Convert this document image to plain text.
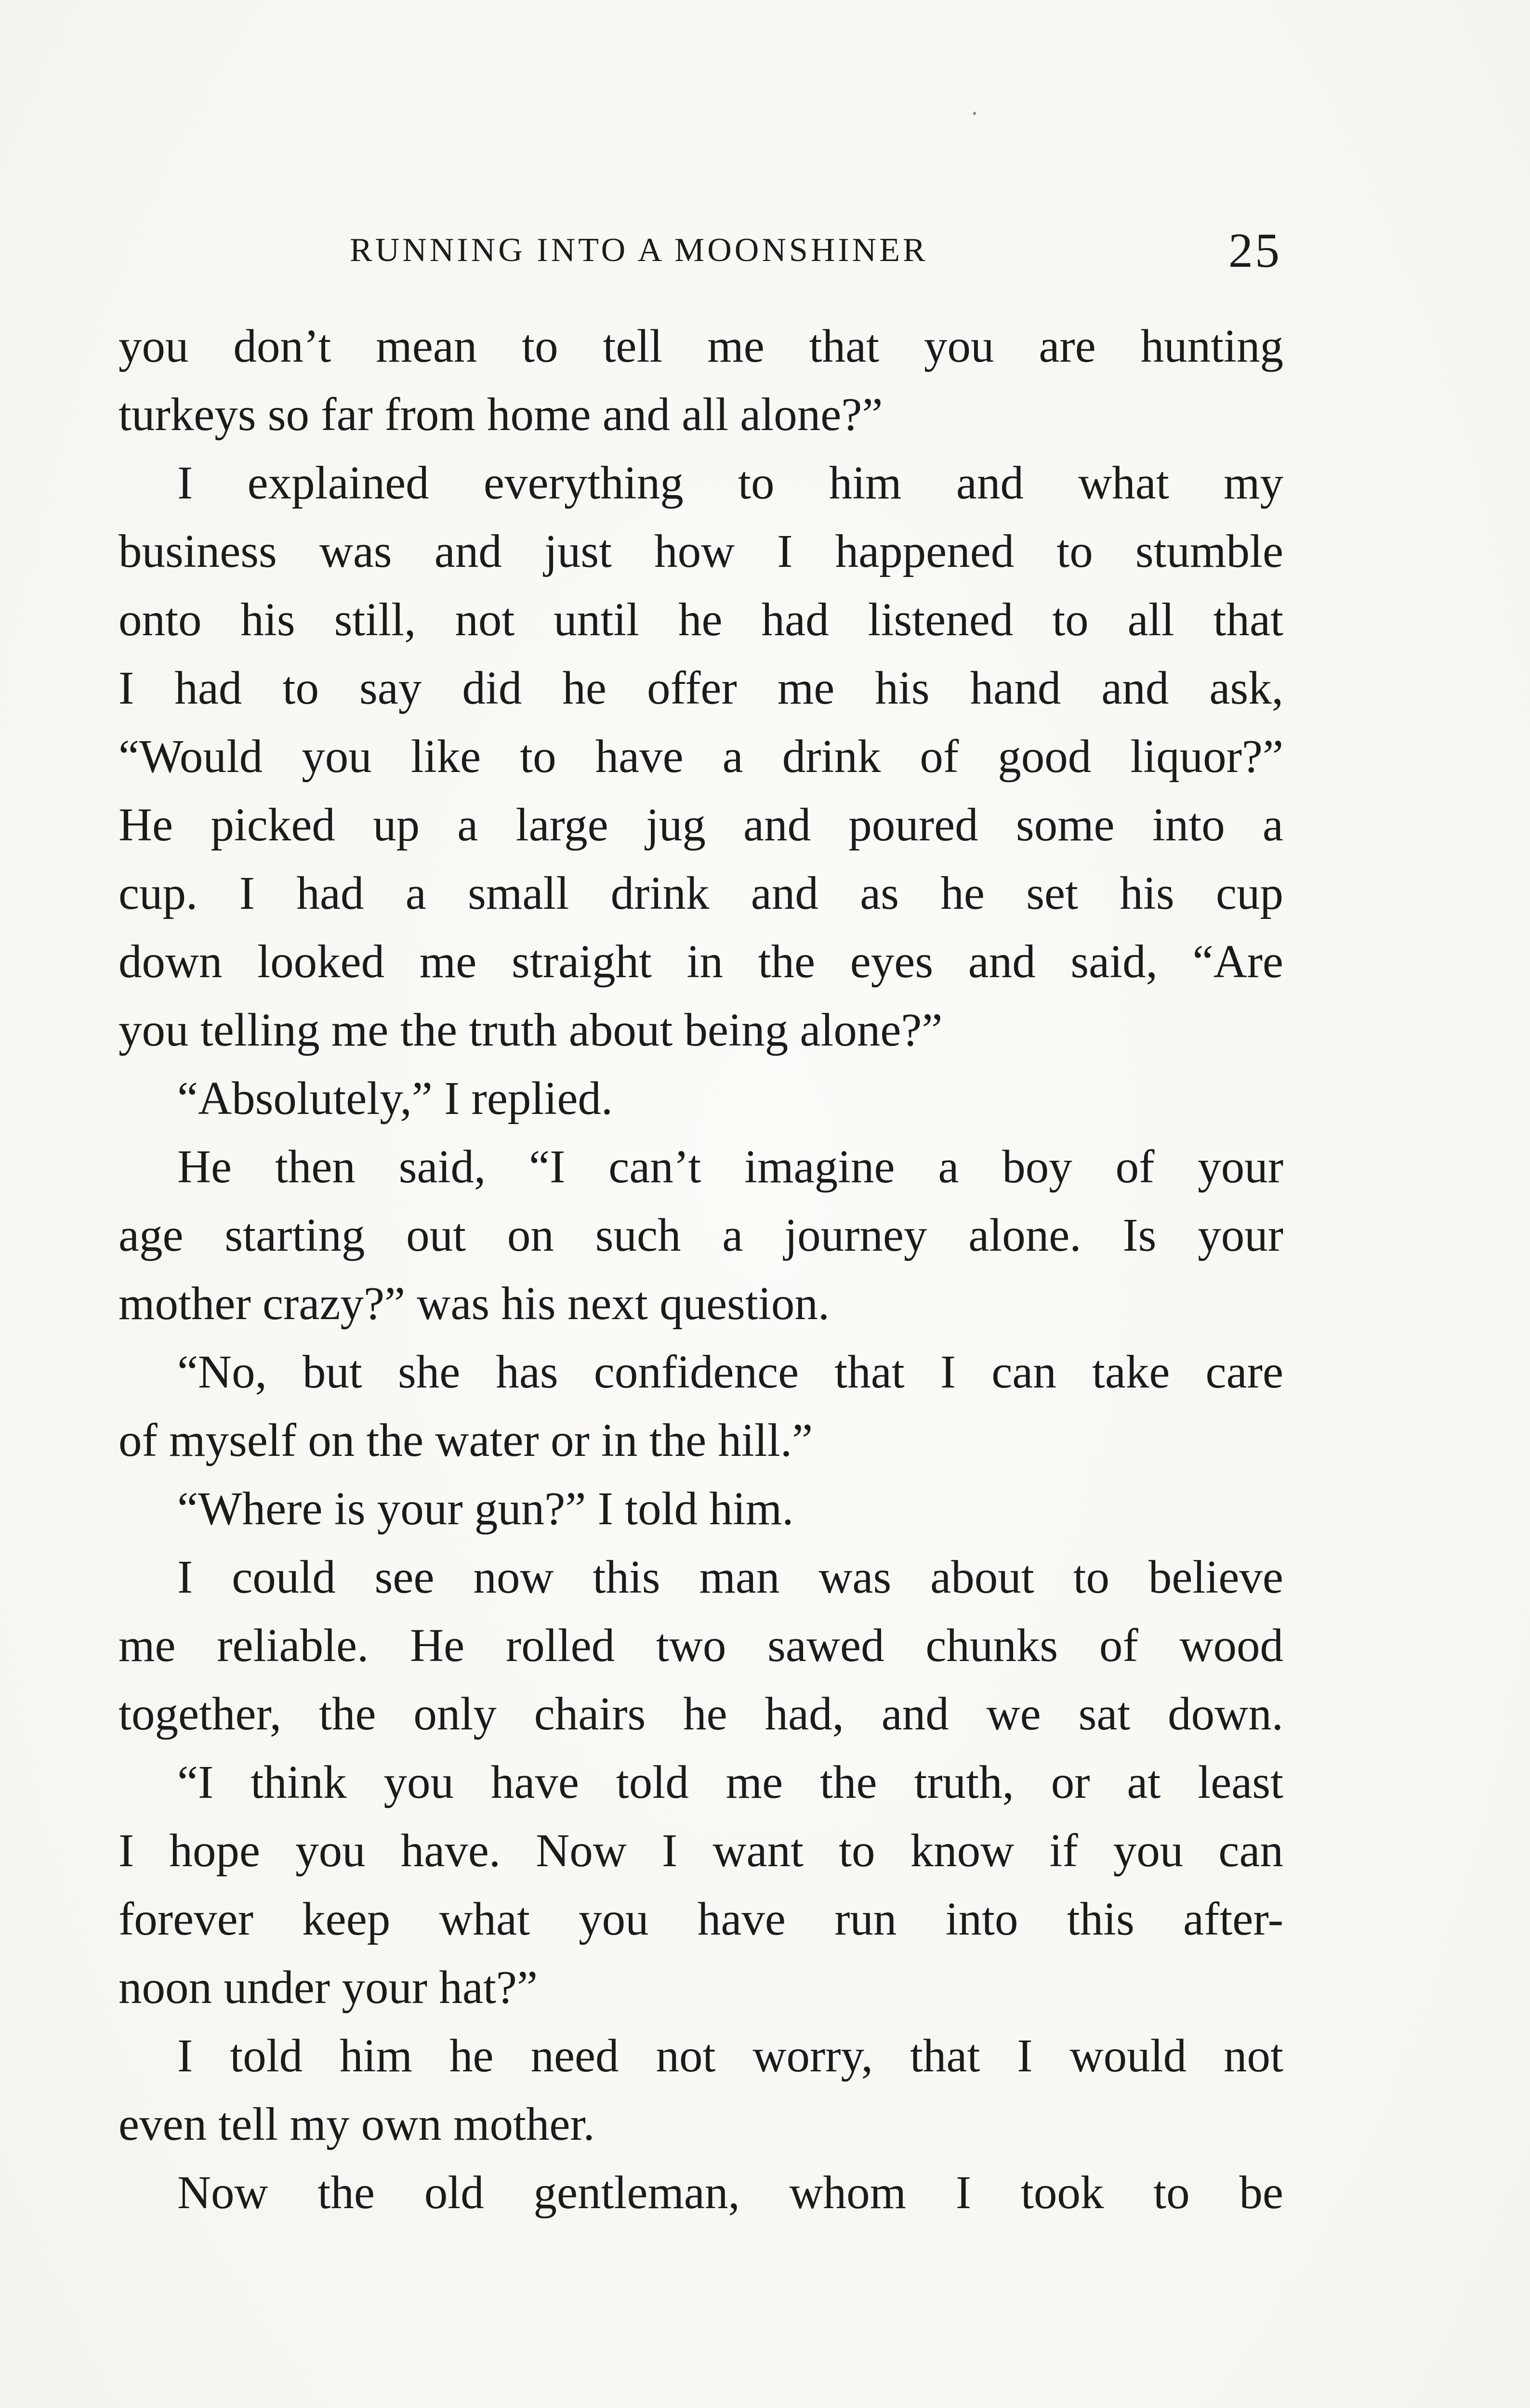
RUNNING INTO A MOONSHINER	25
you don’t mean to tell me that you are hunting
turkeys so far from home and all alone?”
I explained everything to him and what my
business was and just how I happened to stumble
onto his still, not until he had listened to all that
I had to say did he offer me his hand and ask,
“Would you like to have a drink of good liquor?”
He picked up a large jug and poured some into a
cup. I had a small drink and as he set his cup
down looked me straight in the eyes and said, “Are
you telling me the truth about being alone?”
“Absolutely,” I replied.
He then said, “I can’t imagine a boy of your
age starting out on such a journey alone. Is your
mother crazy?” was his next question.
“No, but she has confidence that I can take care
of myself on the water or in the hill.”
“Where is your gun?” I told him.
I could see now this man was about to believe
me reliable. He rolled two sawed chunks of wood
together, the only chairs he had, and we sat down.
“I think you have told me the truth, or at least
I hope you have. Now I want to know if you can
forever keep what you have run into this after-
noon under your hat?”
I told him he need not worry, that I would not
even tell my own mother.
Now the old gentleman, whom I took to be
